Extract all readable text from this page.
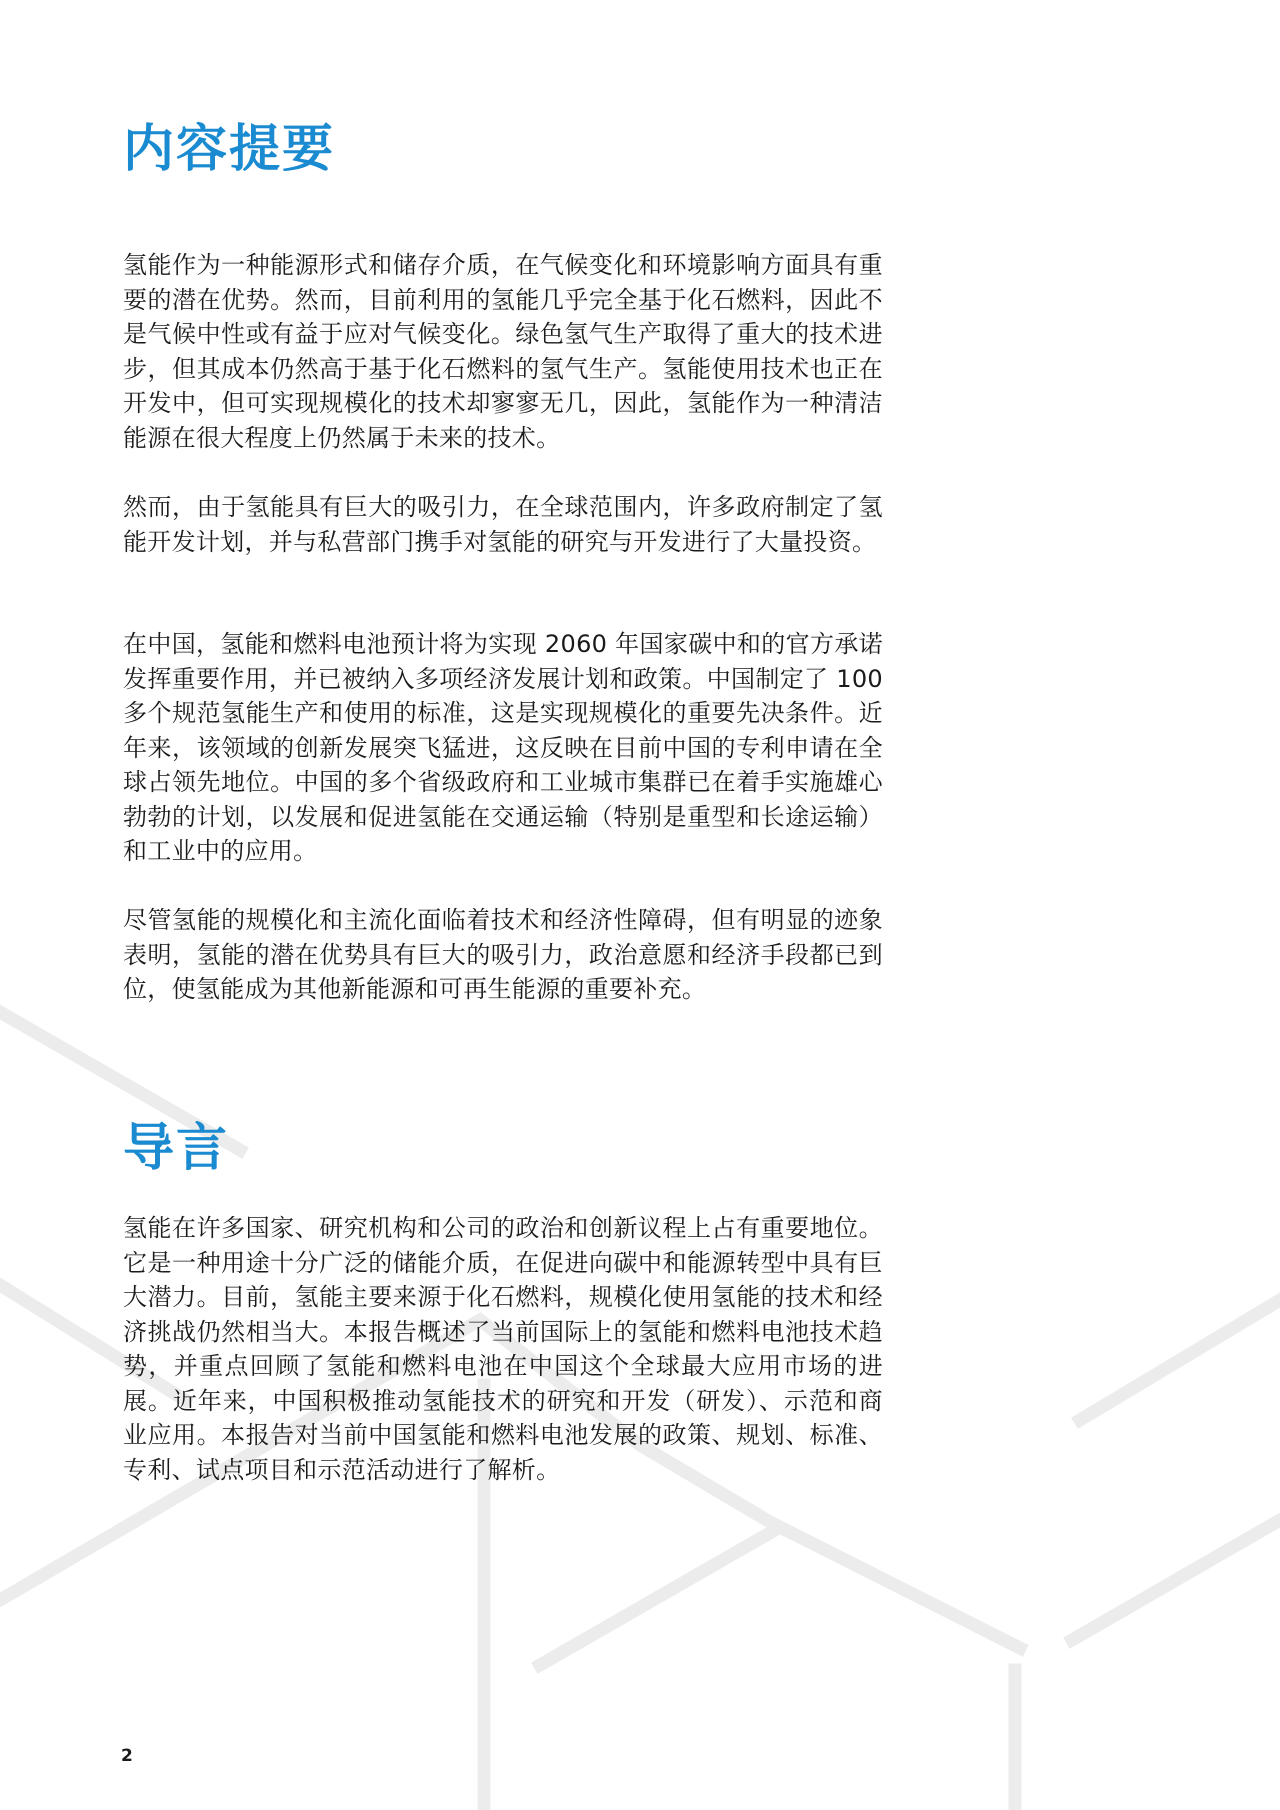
内容提要

氢能作为一种能源形式和储存介质，在气候变化和环境影响方面具有重要的潜在优势。然而，目前利用的氢能几乎完全基于化石燃料，因此不是气候中性或有益于应对气候变化。绿色氢气生产取得了重大的技术进步，但其成本仍然高于基于化石燃料的氢气生产。氢能使用技术也正在开发中，但可实现规模化的技术却寥寥无几，因此，氢能作为一种清洁能源在很大程度上仍然属于未来的技术。

然而，由于氢能具有巨大的吸引力，在全球范围内，许多政府制定了氢能开发计划，并与私营部门携手对氢能的研究与开发进行了大量投资。

在中国，氢能和燃料电池预计将为实现 2060 年国家碳中和的官方承诺发挥重要作用，并已被纳入多项经济发展计划和政策。中国制定了 100 多个规范氢能生产和使用的标准，这是实现规模化的重要先决条件。近年来，该领域的创新发展突飞猛进，这反映在目前中国的专利申请在全球占领先地位。中国的多个省级政府和工业城市集群已在着手实施雄心勃勃的计划，以发展和促进氢能在交通运输（特别是重型和长途运输）和工业中的应用。

尽管氢能的规模化和主流化面临着技术和经济性障碍，但有明显的迹象表明，氢能的潜在优势具有巨大的吸引力，政治意愿和经济手段都已到位，使氢能成为其他新能源和可再生能源的重要补充。

导言

氢能在许多国家、研究机构和公司的政治和创新议程上占有重要地位。它是一种用途十分广泛的储能介质，在促进向碳中和能源转型中具有巨大潜力。目前，氢能主要来源于化石燃料，规模化使用氢能的技术和经济挑战仍然相当大。本报告概述了当前国际上的氢能和燃料电池技术趋势，并重点回顾了氢能和燃料电池在中国这个全球最大应用市场的进展。近年来，中国积极推动氢能技术的研究和开发（研发）、示范和商业应用。本报告对当前中国氢能和燃料电池发展的政策、规划、标准、专利、试点项目和示范活动进行了解析。

2
